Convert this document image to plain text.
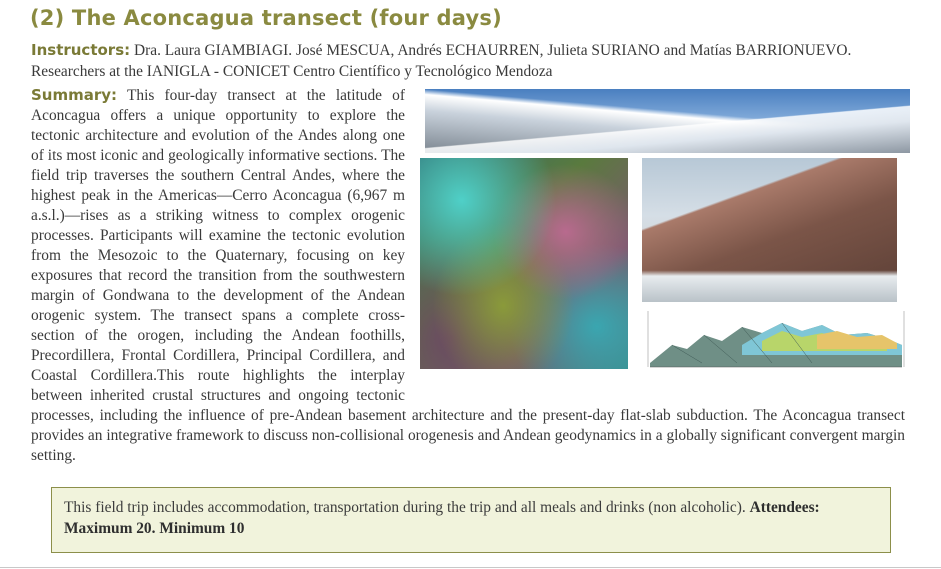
(2) The Aconcagua transect (four days)
Instructors: Dra. Laura GIAMBIAGI. José MESCUA, Andrés ECHAURREN, Julieta SURIANO and Matías BARRIONUEVO.
Researchers at the IANIGLA - CONICET Centro Científico y Tecnológico Mendoza
Summary: This four-day transect at the latitude of Aconcagua offers a unique opportunity to explore the tectonic architecture and evolution of the Andes along one of its most iconic and geologically informative sections. The field trip traverses the southern Central Andes, where the highest peak in the Americas—Cerro Aconcagua (6,967 m a.s.l.)—rises as a striking witness to complex orogenic processes. Participants will examine the tectonic evolution from the Mesozoic to the Quaternary, focusing on key exposures that record the transition from the southwestern margin of Gondwana to the development of the Andean orogenic system. The transect spans a complete cross-section of the orogen, including the Andean foothills, Precordillera, Frontal Cordillera, Principal Cordillera, and Coastal Cordillera.This route highlights the interplay between inherited crustal structures and ongoing tectonic processes, including the influence of pre-Andean basement architecture and the present-day flat-slab subduction. The Aconcagua transect provides an integrative framework to discuss non-collisional orogenesis and Andean geodynamics in a globally significant convergent margin setting.
This field trip includes accommodation, transportation during the trip and all meals and drinks (non alcoholic). Attendees: Maximum 20. Minimum 10
